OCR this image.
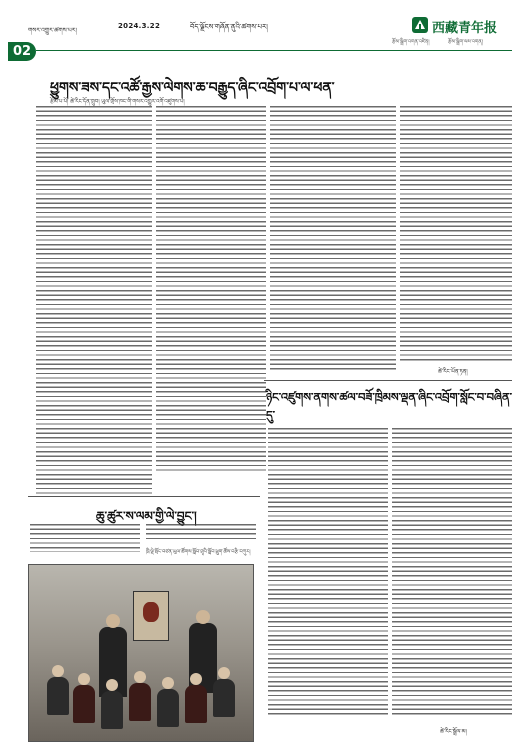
གསར་འགྱུར་ཚགས་པར།
2024.3.22	བོད་ལྗོངས་གཞོན་ནུའི་ཚགས་པར།	西藏青年报
རྩོམ་སྒྲིག་འགན་འཛིན།	རྩོམ་སྒྲིག་ལས་འགན།
02
ཕྱུགས་ཟས་དང་འཚོ་རྒྱས་ལེགས་ཆ་བརྒྱུད་ཞིང་འབྲོག་པ་ལ་ཕན་
རྩོམ་པ་པོ། ཚེ་རིང་དོན་གྲུབ། ཡུལ་གྲོས་ཁང་གི་གསར་འགྱུར་འགོ་འཛུགས་པ།
ཚེ་རིང་ཡོན་ཏན།
ཉིང་འཛུགས་ནགས་ཚལ་བཟོ་ཁྲིམས་ལྡན་ཞིང་འབྲོག་སློང་བ་བཞིན་དུ་
ཚེ་རིང་སྒྲོལ་མ།
ཆུ་ཚུར་ས་ལམ་གྱི་ལེ་བྱུང་།
ཁྲི་ལྡེ་སྲོང་བཙན་ཡུལ་ཚོགས་སློབ་གྲྭའི་སློབ་ཕྲུག་ཚོས་བརྩི་བཀུར།
